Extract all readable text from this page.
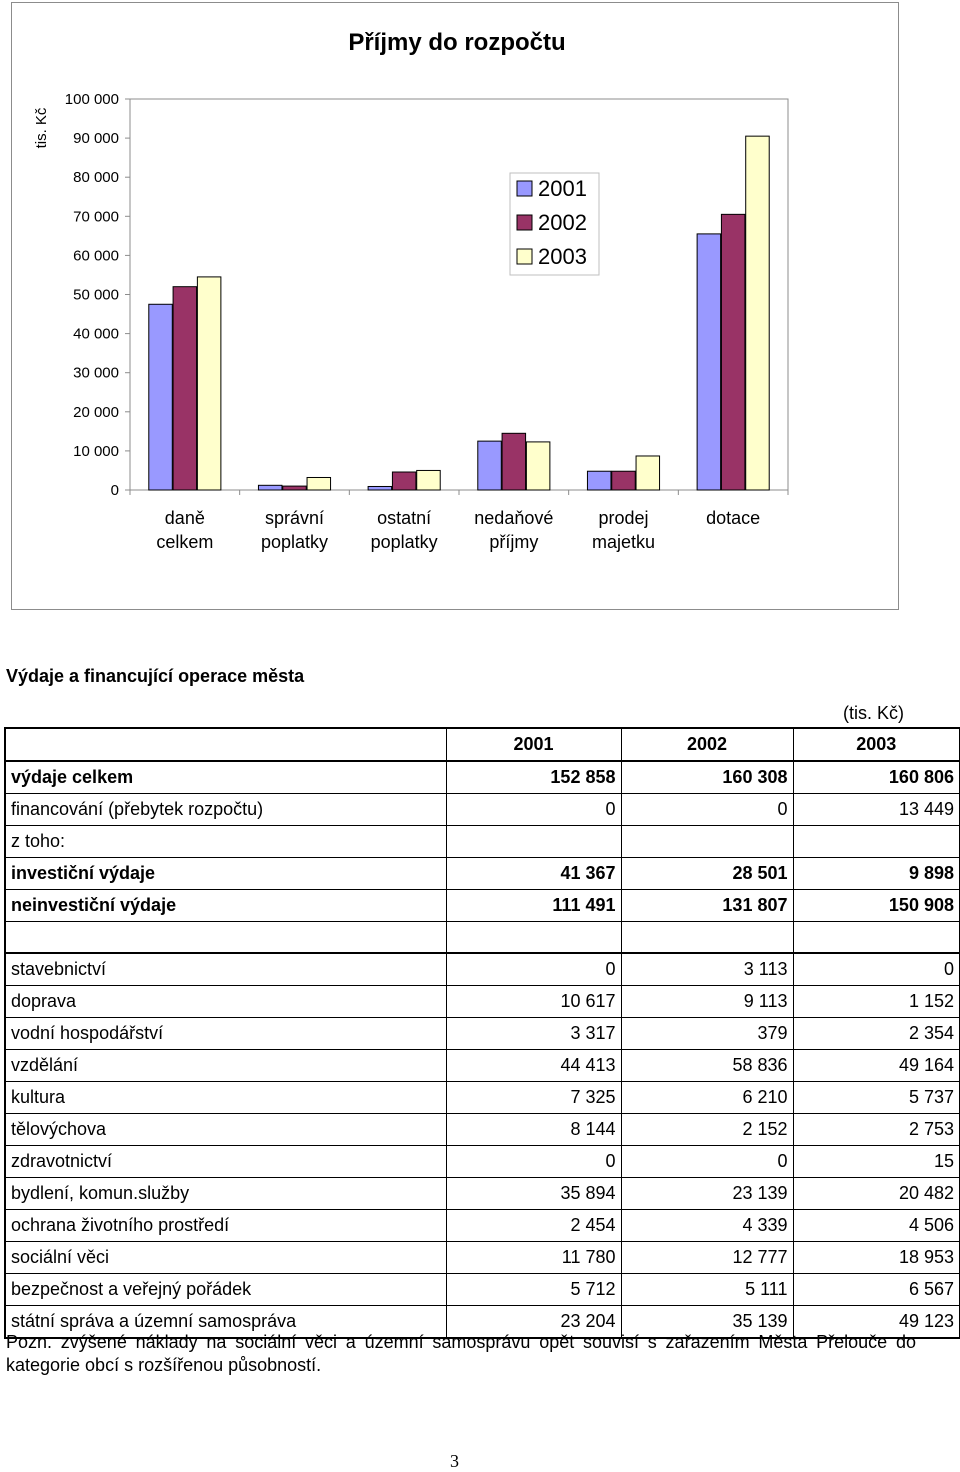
Příjmy do rozpočtu
tis. Kč
0
10 000
20 000
30 000
40 000
50 000
60 000
70 000
80 000
90 000
100 000
daně
celkem
správní
poplatky
ostatní
poplatky
nedaňové
příjmy
prodej
majetku
dotace
2001
2002
2003
Výdaje a financující operace města
(tis. Kč)
	2001	2002	2003
výdaje celkem	152 858	160 308	160 806
financování (přebytek rozpočtu)	0	0	13 449
z toho:			
investiční výdaje	41 367	28 501	9 898
neinvestiční výdaje	111 491	131 807	150 908

stavebnictví	0	3 113	0
doprava	10 617	9 113	1 152
vodní hospodářství	3 317	379	2 354
vzdělání	44 413	58 836	49 164
kultura	7 325	6 210	5 737
tělovýchova	8 144	2 152	2 753
zdravotnictví	0	0	15
bydlení, komun.služby	35 894	23 139	20 482
ochrana životního prostředí	2 454	4 339	4 506
sociální věci	11 780	12 777	18 953
bezpečnost a veřejný pořádek	5 712	5 111	6 567
státní správa a územní samospráva	23 204	35 139	49 123
Pozn. zvýšené náklady na sociální věci a územní samosprávu opět souvisí s zařazením Města Přelouče do kategorie obcí s rozšířenou působností.
3
